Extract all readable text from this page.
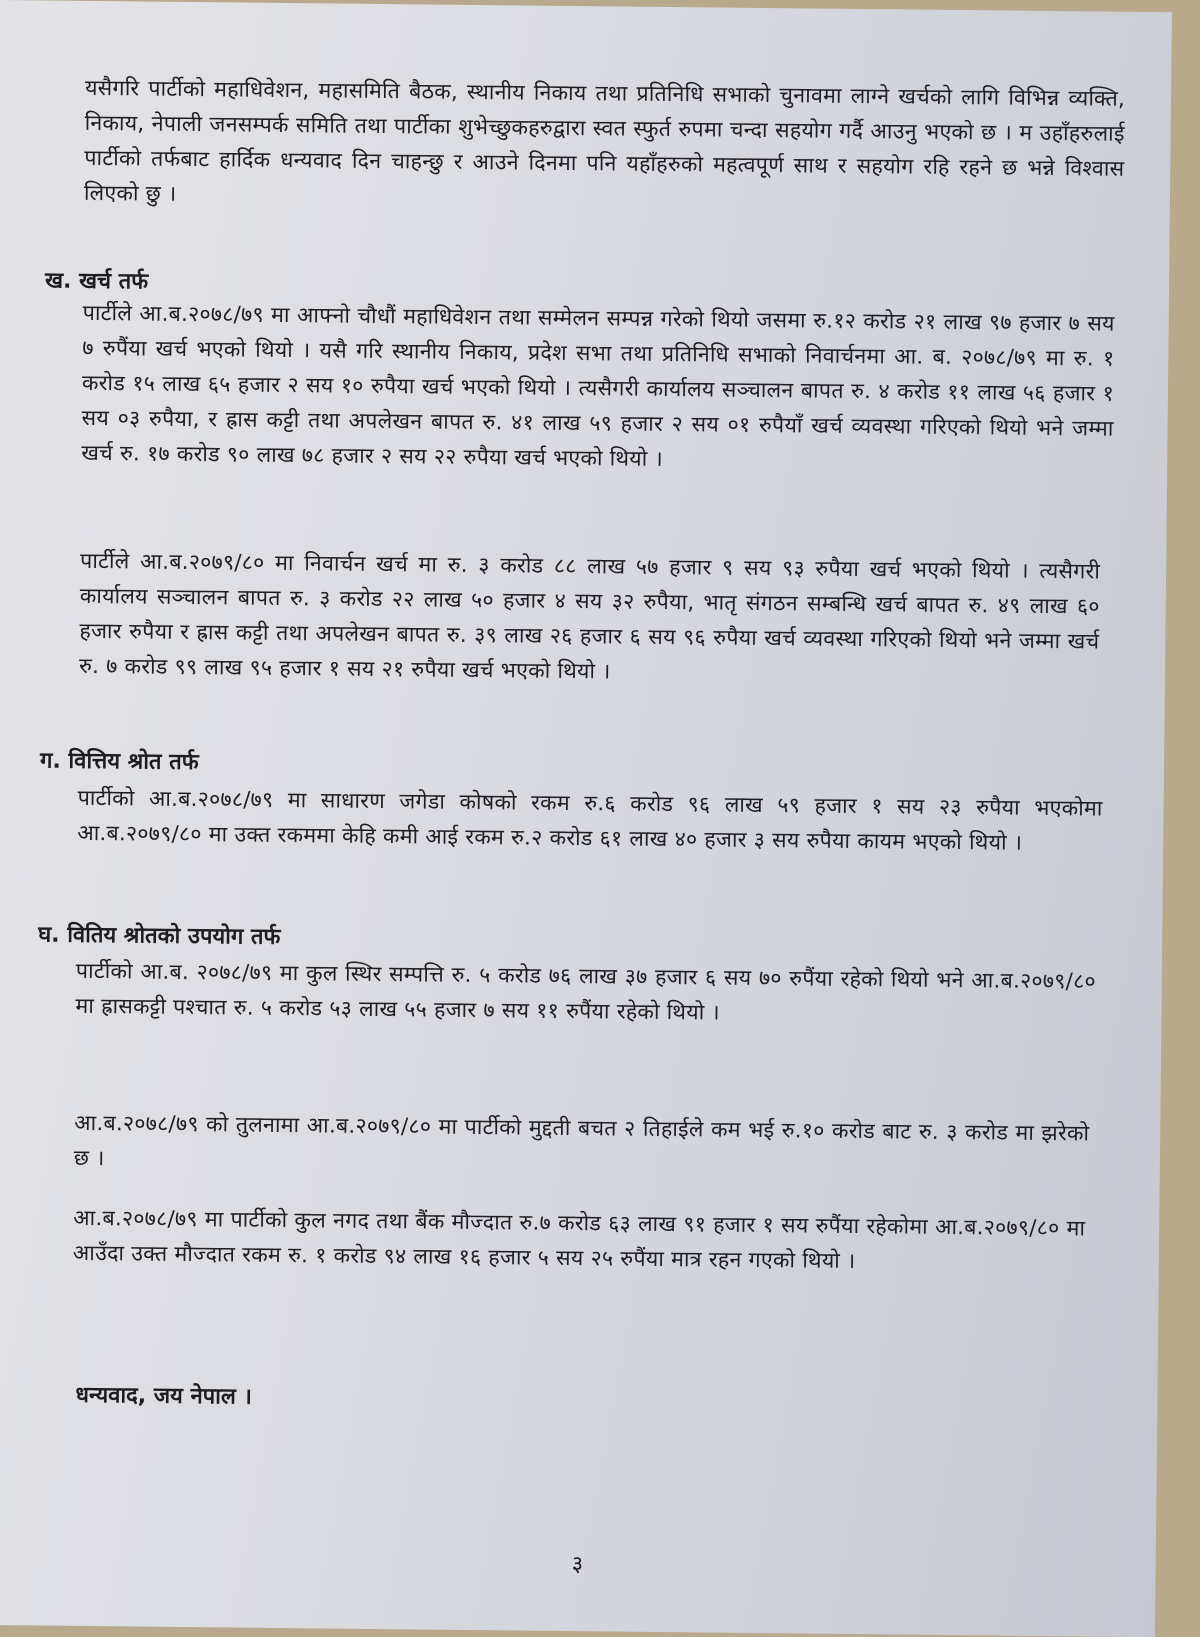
यसैगरि पार्टीको महाधिवेशन, महासमिति बैठक, स्थानीय निकाय तथा प्रतिनिधि सभाको चुनावमा लाग्ने खर्चको लागि विभिन्न व्यक्ति, निकाय, नेपाली जनसम्पर्क समिति तथा पार्टीका शुभेच्छुकहरुद्वारा स्वत स्फुर्त रुपमा चन्दा सहयोग गर्दै आउनु भएको छ । म उहाँहरुलाई पार्टीको तर्फबाट हार्दिक धन्यवाद दिन चाहन्छु र आउने दिनमा पनि यहाँहरुको महत्वपूर्ण साथ र सहयोग रहि रहने छ भन्ने विश्वास लिएको छु ।

ख. खर्च तर्फ

पार्टीले आ.ब.२०७८/७९ मा आफ्नो चौधौं महाधिवेशन तथा सम्मेलन सम्पन्न गरेको थियो जसमा रु.१२ करोड २१ लाख ९७ हजार ७ सय ७ रुपैंया खर्च भएको थियो । यसै गरि स्थानीय निकाय, प्रदेश सभा तथा प्रतिनिधि सभाको निवार्चनमा आ. ब. २०७८/७९ मा रु. १ करोड १५ लाख ६५ हजार २ सय १० रुपैया खर्च भएको थियो । त्यसैगरी कार्यालय सञ्चालन बापत रु. ४ करोड ११ लाख ५६ हजार १ सय ०३ रुपैया, र ह्रास कट्टी तथा अपलेखन बापत रु. ४१ लाख ५९ हजार २ सय ०१ रुपैयाँ खर्च व्यवस्था गरिएको थियो भने जम्मा खर्च रु. १७ करोड ९० लाख ७८ हजार २ सय २२ रुपैया खर्च भएको थियो ।

पार्टीले आ.ब.२०७९/८० मा निवार्चन खर्च मा रु. ३ करोड ८८ लाख ५७ हजार ९ सय ९३ रुपैया खर्च भएको थियो । त्यसैगरी कार्यालय सञ्चालन बापत रु. ३ करोड २२ लाख ५० हजार ४ सय ३२ रुपैया, भातृ संगठन सम्बन्धि खर्च बापत रु. ४९ लाख ६० हजार रुपैया र ह्रास कट्टी तथा अपलेखन बापत रु. ३९ लाख २६ हजार ६ सय ९६ रुपैया खर्च व्यवस्था गरिएको थियो भने जम्मा खर्च रु. ७ करोड ९९ लाख ९५ हजार १ सय २१ रुपैया खर्च भएको थियो ।

ग. वित्तिय श्रोत तर्फ

पार्टीको आ.ब.२०७८/७९ मा साधारण जगेडा कोषको रकम रु.६ करोड ९६ लाख ५९ हजार १ सय २३ रुपैया भएकोमा आ.ब.२०७९/८० मा उक्त रकममा केहि कमी आई रकम रु.२ करोड ६१ लाख ४० हजार ३ सय रुपैया कायम भएको थियो ।

घ. वितिय श्रोतको उपयोग तर्फ

पार्टीको आ.ब. २०७८/७९ मा कुल स्थिर सम्पत्ति रु. ५ करोड ७६ लाख ३७ हजार ६ सय ७० रुपैंया रहेको थियो भने आ.ब.२०७९/८० मा ह्रासकट्टी पश्चात रु. ५ करोड ५३ लाख ५५ हजार ७ सय ११ रुपैंया रहेको थियो ।

आ.ब.२०७८/७९ को तुलनामा आ.ब.२०७९/८० मा पार्टीको मुद्दती बचत २ तिहाईले कम भई रु.१० करोड बाट रु. ३ करोड मा झरेको छ ।

आ.ब.२०७८/७९ मा पार्टीको कुल नगद तथा बैंक मौज्दात रु.७ करोड ६३ लाख ९१ हजार १ सय रुपैंया रहेकोमा आ.ब.२०७९/८० मा आउँदा उक्त मौज्दात रकम रु. १ करोड ९४ लाख १६ हजार ५ सय २५ रुपैंया मात्र रहन गएको थियो ।

धन्यवाद, जय नेपाल ।
३
